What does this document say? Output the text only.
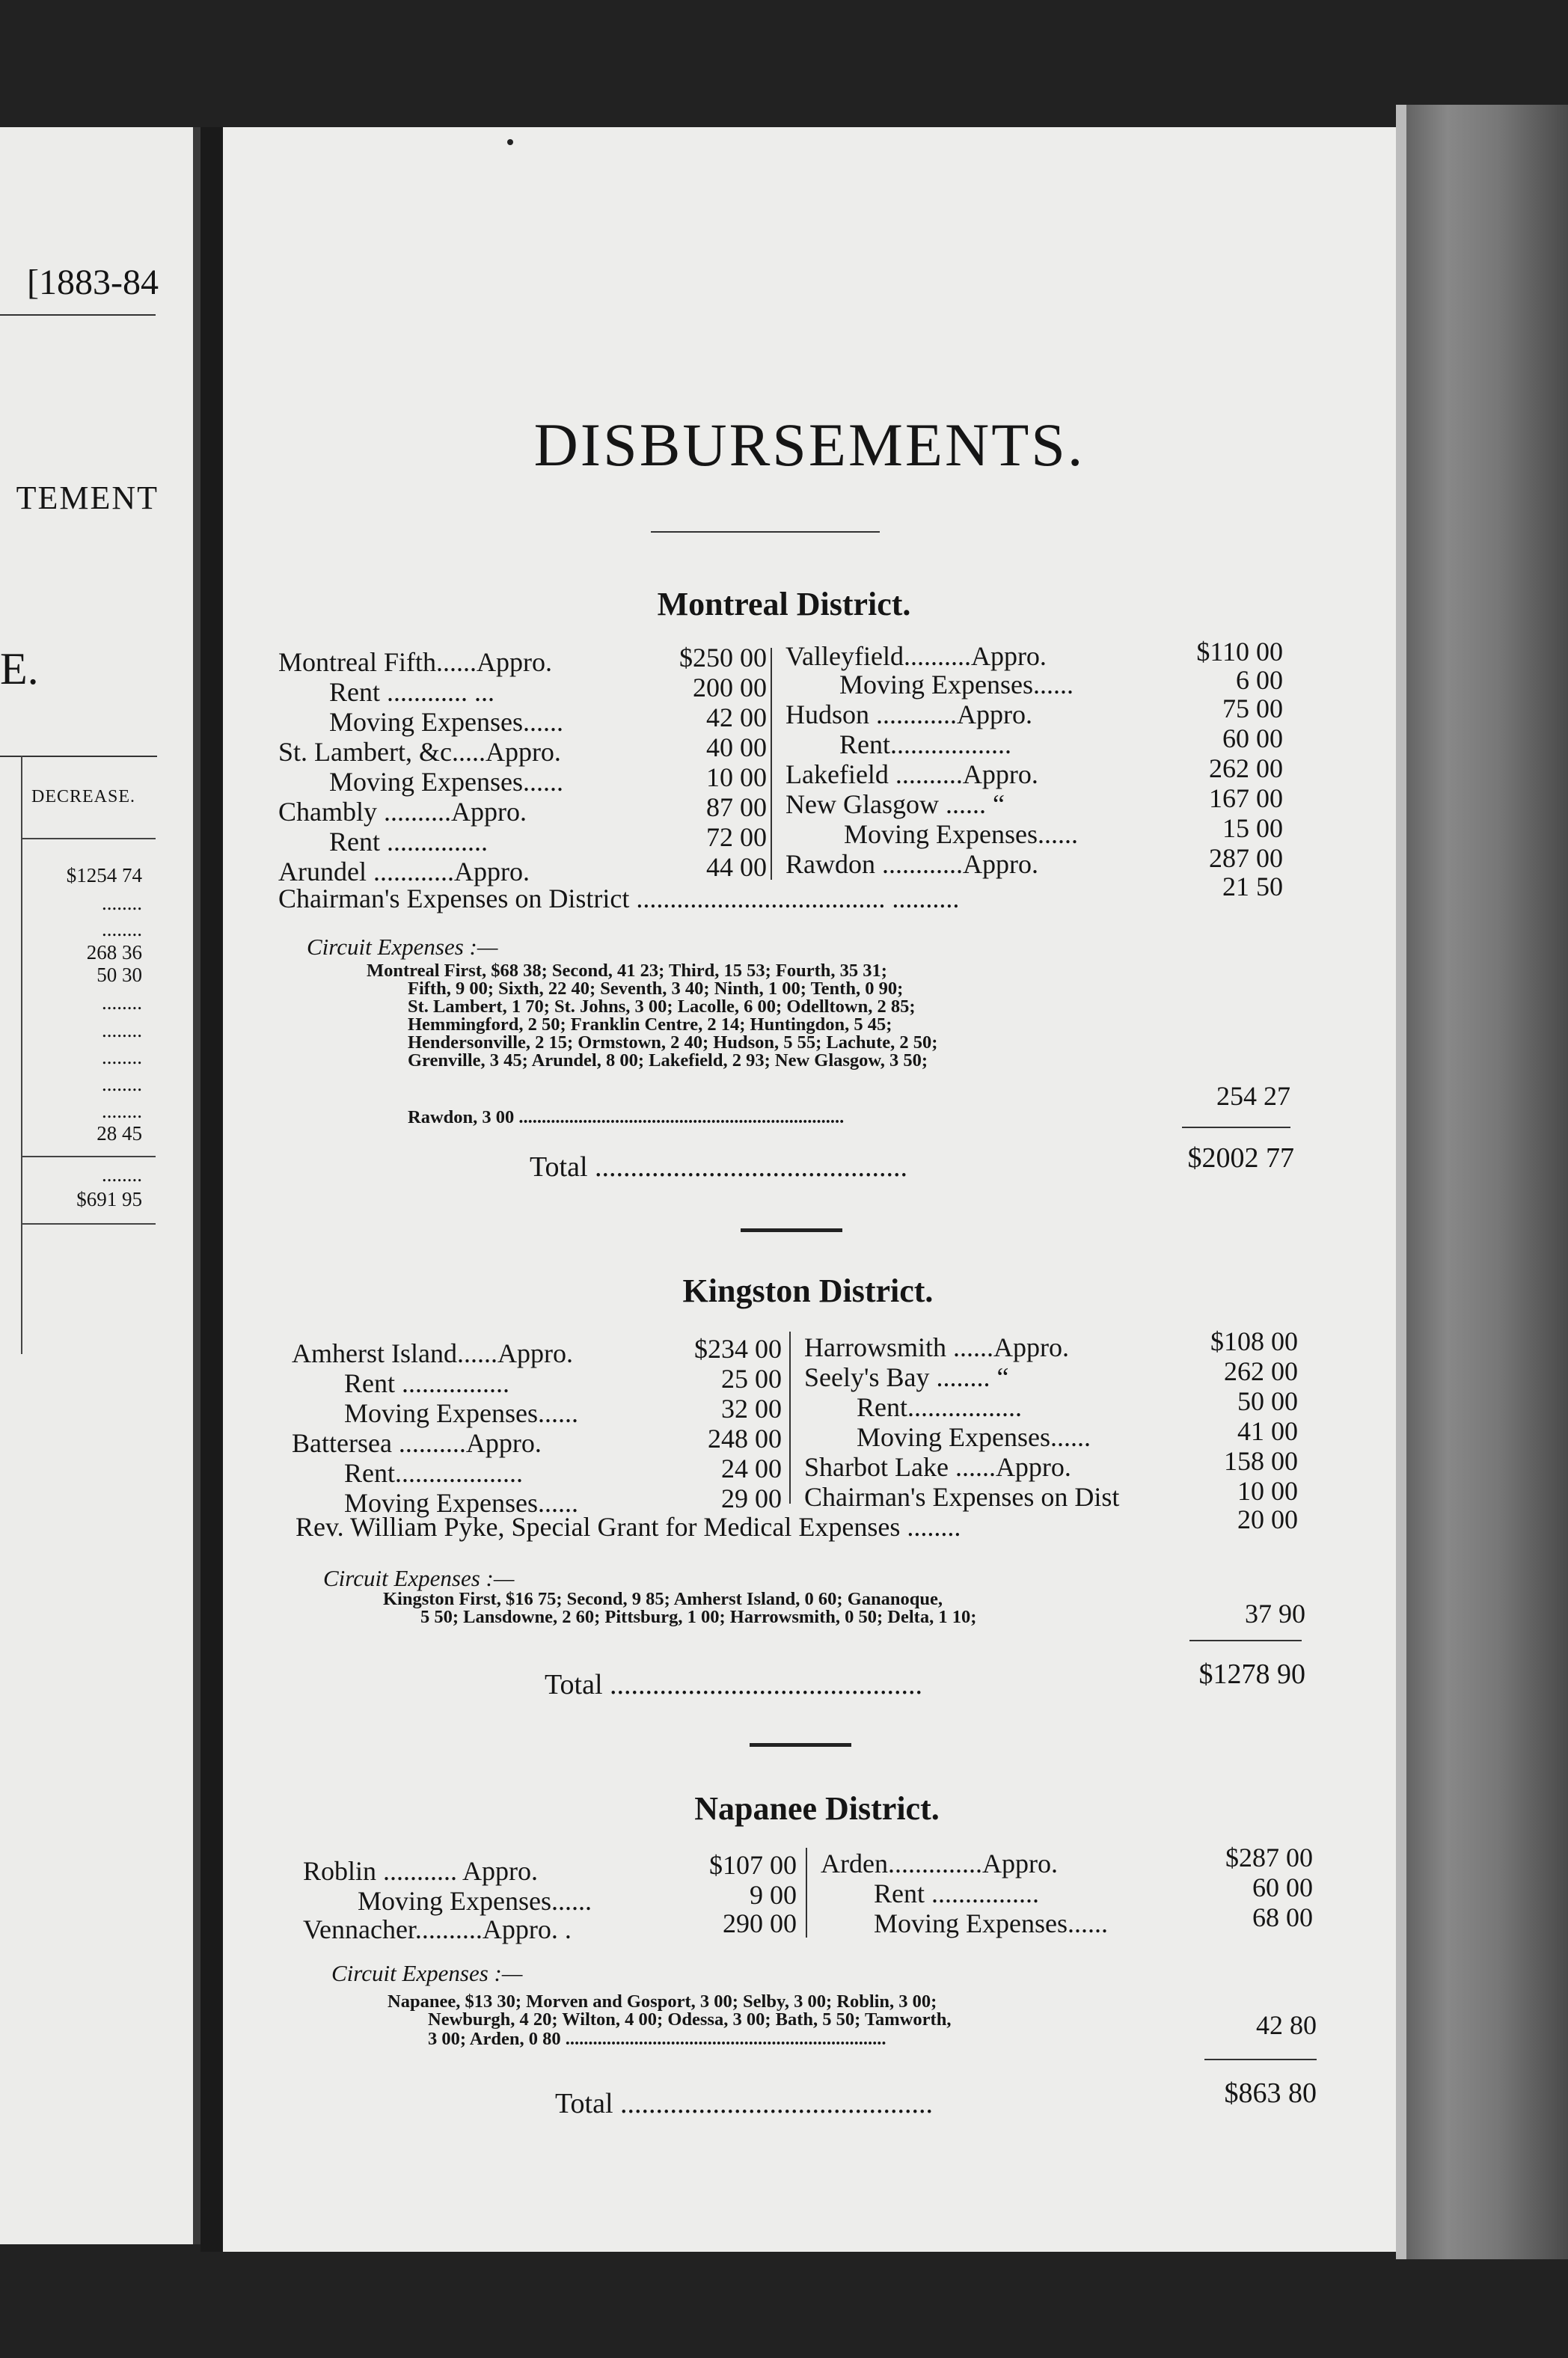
[1883-84
TEMENT
E.
DECREASE.
$1254 74
........
........
268 36
50 30
........
........
........
........
........
28 45
........
$691 95
DISBURSEMENTS.
Montreal District.
Montreal Fifth......Appro.	$250 00
Rent ............ ...	200 00
Moving Expenses......	42 00
St. Lambert, &c.....Appro.	40 00
Moving Expenses......	10 00
Chambly ..........Appro.	87 00
Rent ...............	72 00
Arundel ............Appro.	44 00
Valleyfield..........Appro.	$110 00
Moving Expenses......	6 00
Hudson ............Appro.	75 00
Rent..................	60 00
Lakefield ..........Appro.	262 00
New Glasgow ...... “	167 00
Moving Expenses......	15 00
Rawdon ............Appro.	287 00
Chairman's Expenses on District ..................................... ..........	21 50
Circuit Expenses :—
Montreal First, $68 38; Second, 41 23; Third, 15 53; Fourth, 35 31;
Fifth, 9 00; Sixth, 22 40; Seventh, 3 40; Ninth, 1 00; Tenth, 0 90;
St. Lambert, 1 70; St. Johns, 3 00; Lacolle, 6 00; Odelltown, 2 85;
Hemmingford, 2 50; Franklin Centre, 2 14; Huntingdon, 5 45;
Hendersonville, 2 15; Ormstown, 2 40; Hudson, 5 55; Lachute, 2 50;
Grenville, 3 45; Arundel, 8 00; Lakefield, 2 93; New Glasgow, 3 50;
Rawdon, 3 00 .......................................................................
254 27
Total ............................................	$2002 77
Kingston District.
Amherst Island......Appro.	$234 00
Rent ................	25 00
Moving Expenses......	32 00
Battersea ..........Appro.	248 00
Rent...................	24 00
Moving Expenses......	29 00
Harrowsmith ......Appro.	$108 00
Seely's Bay ........ “	262 00
Rent.................	50 00
Moving Expenses......	41 00
Sharbot Lake ......Appro.	158 00
Chairman's Expenses on Dist	10 00
Rev. William Pyke, Special Grant for Medical Expenses ........	20 00
Circuit Expenses :—
Kingston First, $16 75; Second, 9 85; Amherst Island, 0 60; Gananoque,
5 50; Lansdowne, 2 60; Pittsburg, 1 00; Harrowsmith, 0 50; Delta, 1 10;	37 90
Total ............................................	$1278 90
Napanee District.
Roblin ........... Appro.	$107 00
Moving Expenses......	9 00
Vennacher..........Appro. .	290 00
Arden..............Appro.	$287 00
Rent ................	60 00
Moving Expenses......	68 00
Circuit Expenses :—
Napanee, $13 30; Morven and Gosport, 3 00; Selby, 3 00; Roblin, 3 00;
Newburgh, 4 20; Wilton, 4 00; Odessa, 3 00; Bath, 5 50; Tamworth,
3 00; Arden, 0 80 ......................................................................	42 80
Total ............................................	$863 80
